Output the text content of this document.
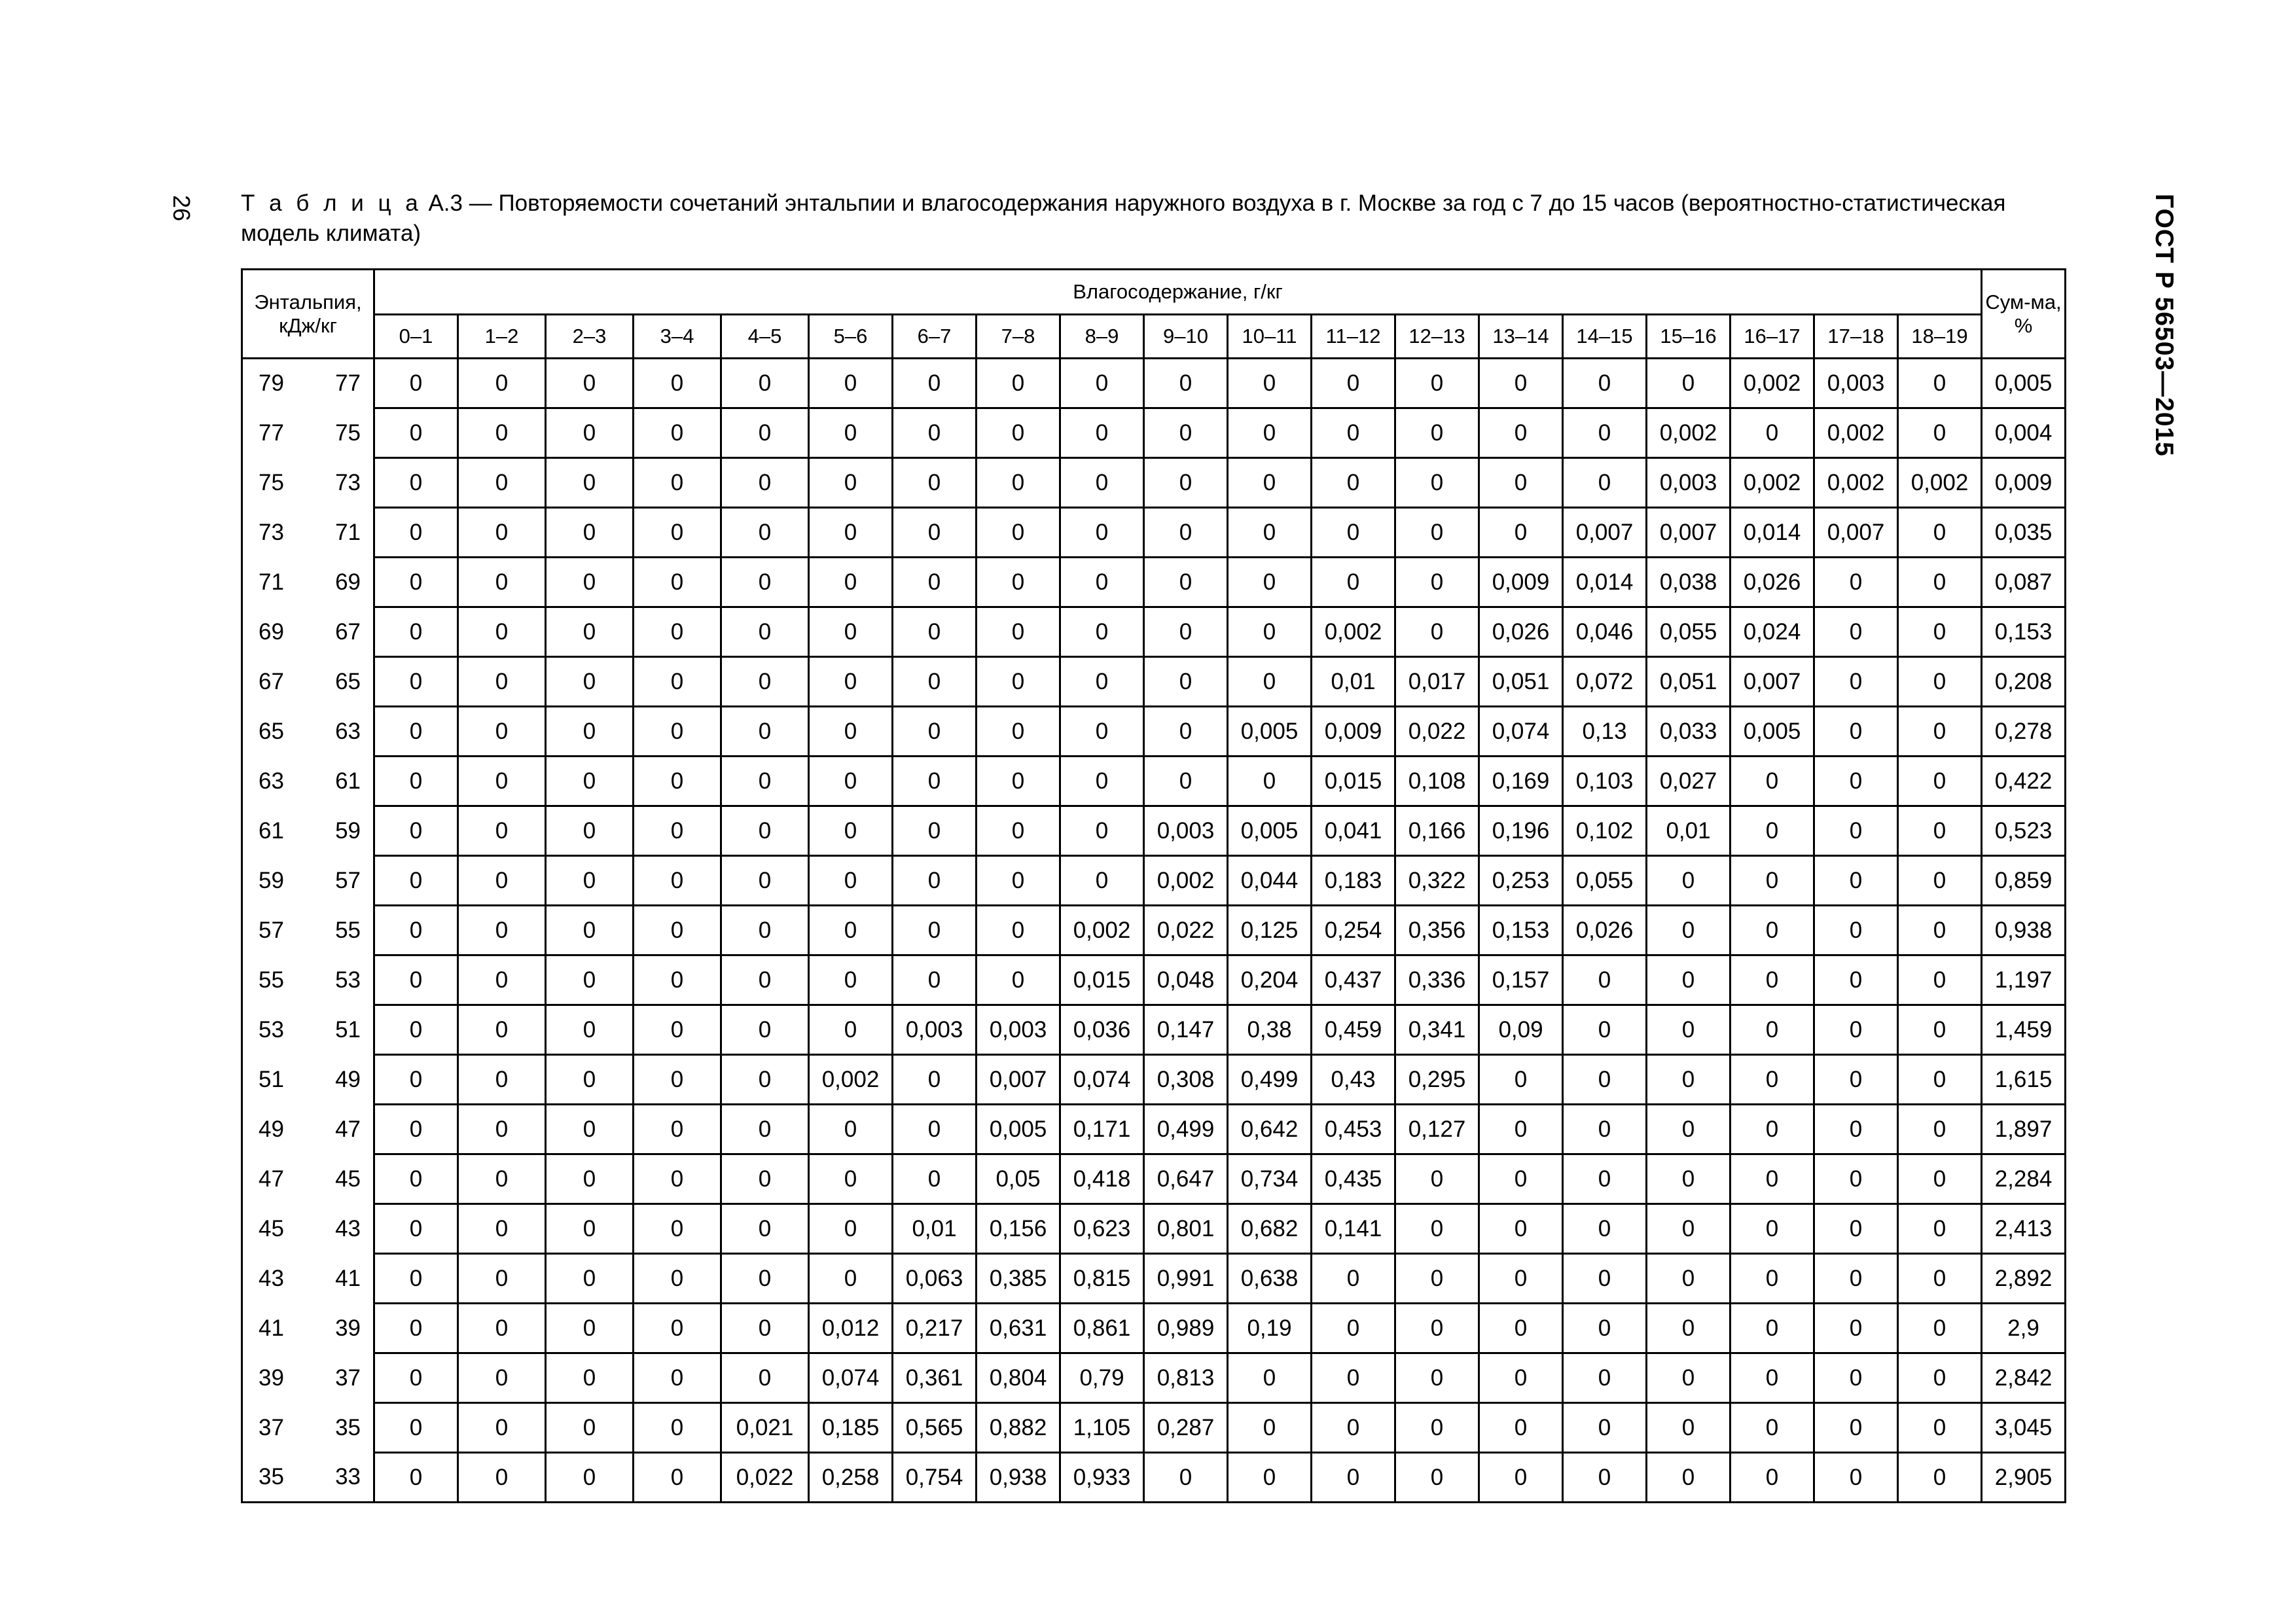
26	ГОСТ Р 56503—2015
Т а б л и ц а А.3 — Повторяемости сочетаний энтальпии и влагосодержания наружного воздуха в г. Москве за год с 7 до 15 часов (вероятностно-статистическая модель климата)
Энтальпия, кДж/кг	Влагосодержание, г/кг																			Сум-ма, %
	0–1	1–2	2–3	3–4	4–5	5–6	6–7	7–8	8–9	9–10	10–11	11–12	12–13	13–14	14–15	15–16	16–17	17–18	18–19	
79 77	0	0	0	0	0	0	0	0	0	0	0	0	0	0	0	0	0,002	0,003	0	0,005
77 75	0	0	0	0	0	0	0	0	0	0	0	0	0	0	0	0,002	0	0,002	0	0,004
75 73	0	0	0	0	0	0	0	0	0	0	0	0	0	0	0	0,003	0,002	0,002	0,002	0,009
73 71	0	0	0	0	0	0	0	0	0	0	0	0	0	0	0,007	0,007	0,014	0,007	0	0,035
71 69	0	0	0	0	0	0	0	0	0	0	0	0	0	0,009	0,014	0,038	0,026	0	0	0,087
69 67	0	0	0	0	0	0	0	0	0	0	0	0,002	0	0,026	0,046	0,055	0,024	0	0	0,153
67 65	0	0	0	0	0	0	0	0	0	0	0	0,01	0,017	0,051	0,072	0,051	0,007	0	0	0,208
65 63	0	0	0	0	0	0	0	0	0	0	0,005	0,009	0,022	0,074	0,13	0,033	0,005	0	0	0,278
63 61	0	0	0	0	0	0	0	0	0	0	0	0,015	0,108	0,169	0,103	0,027	0	0	0	0,422
61 59	0	0	0	0	0	0	0	0	0	0,003	0,005	0,041	0,166	0,196	0,102	0,01	0	0	0	0,523
59 57	0	0	0	0	0	0	0	0	0	0,002	0,044	0,183	0,322	0,253	0,055	0	0	0	0	0,859
57 55	0	0	0	0	0	0	0	0	0,002	0,022	0,125	0,254	0,356	0,153	0,026	0	0	0	0	0,938
55 53	0	0	0	0	0	0	0	0	0,015	0,048	0,204	0,437	0,336	0,157	0	0	0	0	0	1,197
53 51	0	0	0	0	0	0	0,003	0,003	0,036	0,147	0,38	0,459	0,341	0,09	0	0	0	0	0	1,459
51 49	0	0	0	0	0	0,002	0	0,007	0,074	0,308	0,499	0,43	0,295	0	0	0	0	0	0	1,615
49 47	0	0	0	0	0	0	0	0,005	0,171	0,499	0,642	0,453	0,127	0	0	0	0	0	0	1,897
47 45	0	0	0	0	0	0	0	0,05	0,418	0,647	0,734	0,435	0	0	0	0	0	0	0	2,284
45 43	0	0	0	0	0	0	0,01	0,156	0,623	0,801	0,682	0,141	0	0	0	0	0	0	0	2,413
43 41	0	0	0	0	0	0	0,063	0,385	0,815	0,991	0,638	0	0	0	0	0	0	0	0	2,892
41 39	0	0	0	0	0	0,012	0,217	0,631	0,861	0,989	0,19	0	0	0	0	0	0	0	0	2,9
39 37	0	0	0	0	0	0,074	0,361	0,804	0,79	0,813	0	0	0	0	0	0	0	0	0	2,842
37 35	0	0	0	0	0,021	0,185	0,565	0,882	1,105	0,287	0	0	0	0	0	0	0	0	0	3,045
35 33	0	0	0	0	0,022	0,258	0,754	0,938	0,933	0	0	0	0	0	0	0	0	0	0	2,905
